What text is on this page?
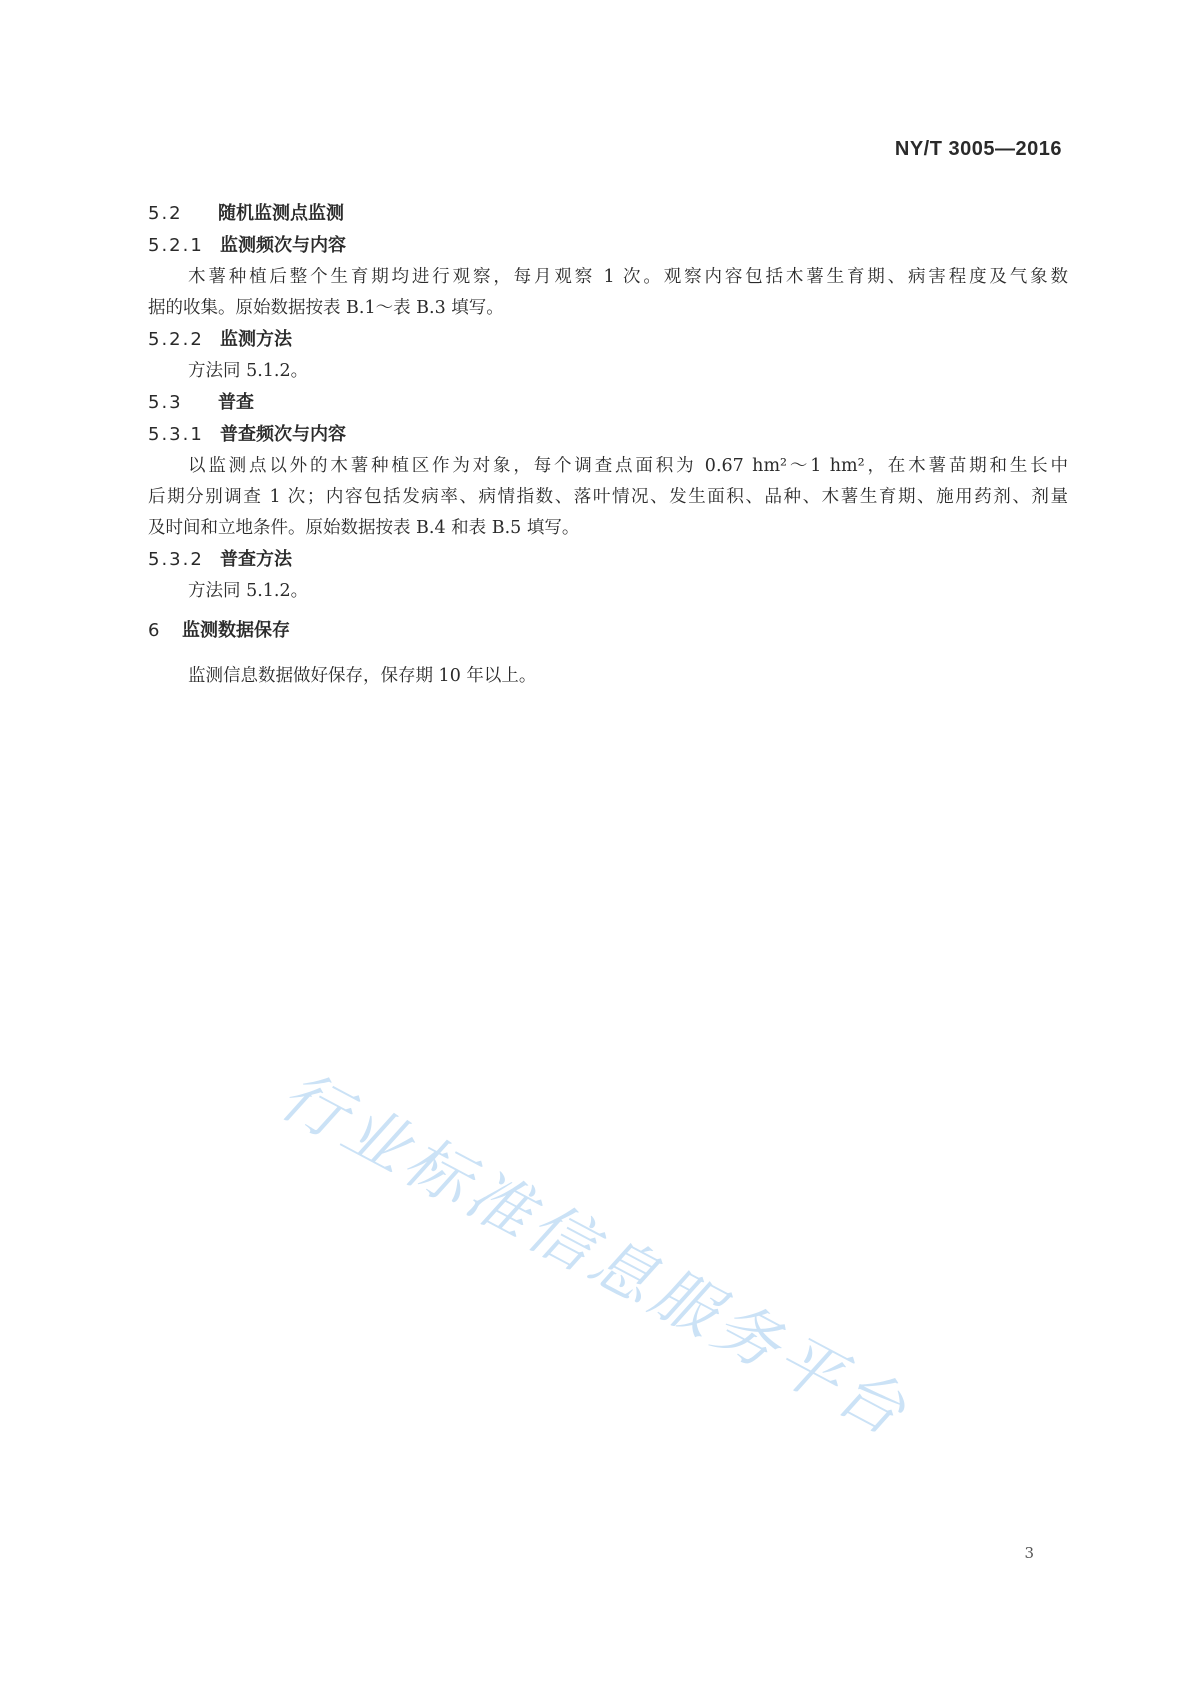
NY/T 3005—2016
5.2 随机监测点监测
5.2.1 监测频次与内容

木薯种植后整个生育期均进行观察，每月观察 1 次。观察内容包括木薯生育期、病害程度及气象数
据的收集。原始数据按表 B.1～表 B.3 填写。

5.2.2 监测方法

方法同 5.1.2。

5.3 普查
5.3.1 普查频次与内容

以监测点以外的木薯种植区作为对象，每个调查点面积为 0.67 hm²～1 hm²，在木薯苗期和生长中
后期分别调查 1 次；内容包括发病率、病情指数、落叶情况、发生面积、品种、木薯生育期、施用药剂、剂量
及时间和立地条件。原始数据按表 B.4 和表 B.5 填写。

5.3.2 普查方法

方法同 5.1.2。

6 监测数据保存

监测信息数据做好保存，保存期 10 年以上。

行业标准信息服务平台
3
